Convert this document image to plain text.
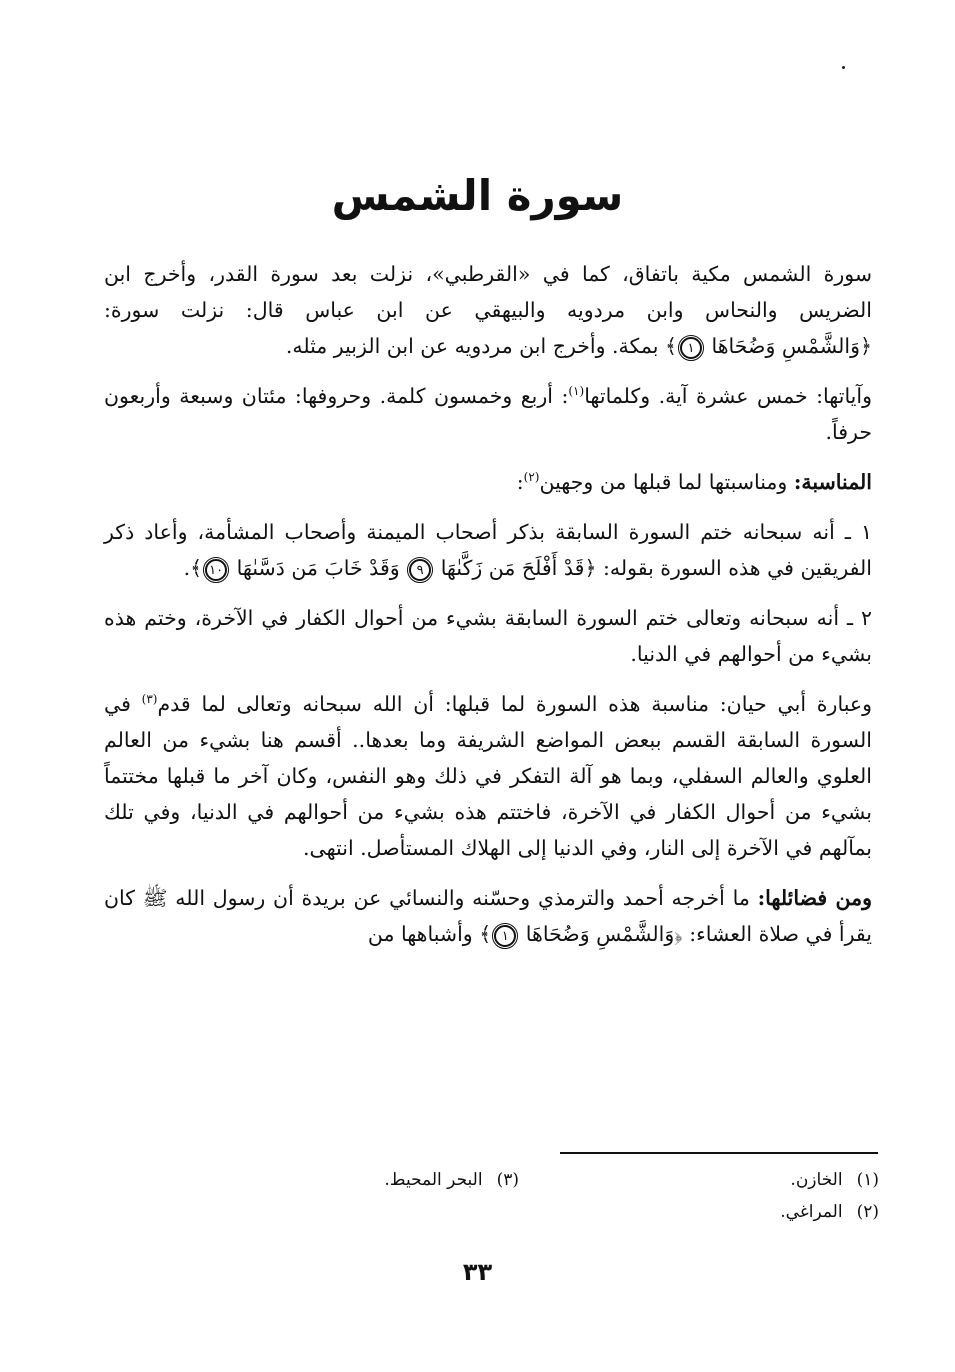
سورة الشمس

سورة الشمس مكية باتفاق، كما في «القرطبي»، نزلت بعد سورة القدر، وأخرج ابن الضريس والنحاس وابن مردويه والبيهقي عن ابن عباس قال: نزلت سورة: ﴿وَالشَّمْسِ وَضُحَاهَا ١﴾ بمكة. وأخرج ابن مردويه عن ابن الزبير مثله.

وآياتها: خمس عشرة آية. وكلماتها$^{(١)}$: أربع وخمسون كلمة. وحروفها: مئتان وسبعة وأربعون حرفاً.

المناسبة: ومناسبتها لما قبلها من وجهين$^{(٢)}$:

١ ـ أنه سبحانه ختم السورة السابقة بذكر أصحاب الميمنة وأصحاب المشأمة، وأعاد ذكر الفريقين في هذه السورة بقوله: ﴿قَدْ أَفْلَحَ مَن زَكَّىٰهَا ٩ وَقَدْ خَابَ مَن دَسَّىٰهَا ١٠﴾.

٢ ـ أنه سبحانه وتعالى ختم السورة السابقة بشيء من أحوال الكفار في الآخرة، وختم هذه بشيء من أحوالهم في الدنيا.

وعبارة أبي حيان: مناسبة هذه السورة لما قبلها: أن الله سبحانه وتعالى لما قدم$^{(٣)}$ في السورة السابقة القسم ببعض المواضع الشريفة وما بعدها.. أقسم هنا بشيء من العالم العلوي والعالم السفلي، وبما هو آلة التفكر في ذلك وهو النفس، وكان آخر ما قبلها مختتماً بشيء من أحوال الكفار في الآخرة، فاختتم هذه بشيء من أحوالهم في الدنيا، وفي تلك بمآلهم في الآخرة إلى النار، وفي الدنيا إلى الهلاك المستأصل. انتهى.

ومن فضائلها: ما أخرجه أحمد والترمذي وحسّنه والنسائي عن بريدة أن رسول الله ﷺ كان يقرأ في صلاة العشاء: ﴿وَالشَّمْسِ وَضُحَاهَا ١﴾ وأشباهها من

(١)الخازن.
(٣)البحر المحيط.
(٢)المراغي.
٣٣
